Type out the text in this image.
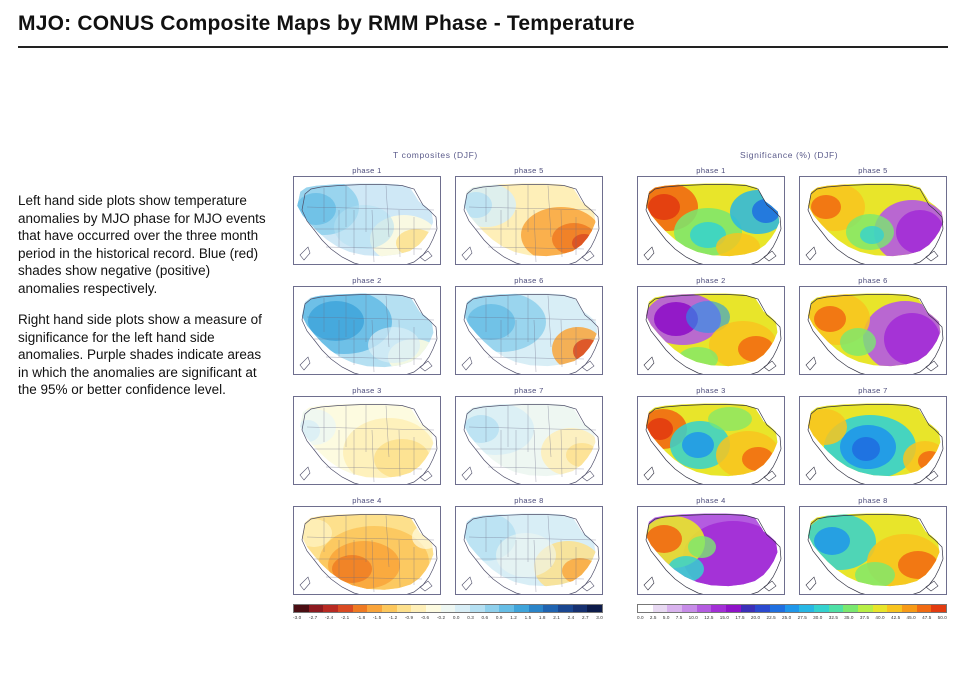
MJO: CONUS Composite Maps by RMM Phase - Temperature

Left hand side plots show temperature anomalies by MJO phase for MJO events that have occurred over the three month period in the historical record. Blue (red) shades show negative (positive) anomalies respectively.

Right hand side plots show a measure of significance for the left hand side anomalies. Purple shades indicate areas in which the anomalies are significant at the 95% or better confidence level.

T composites (DJF)	Significance (%) (DJF)
phase 1
phase 2
phase 3
phase 4
phase 5
phase 6
phase 7
phase 8
phase 1
phase 2
phase 3
phase 4
phase 5
phase 6
phase 7
phase 8
-3.0 -2.7 -2.4 -2.1 -1.8 -1.5 -1.2 -0.9 -0.6 -0.2 0.0 0.3 0.6 0.9 1.2 1.5 1.8 2.1 2.4 2.7 3.0	0.0 2.5 5.0 7.5 10.0 12.5 15.0 17.5 20.0 22.5 25.0 27.5 30.0 32.5 35.0 37.5 40.0 42.5 45.0 47.5 50.0
